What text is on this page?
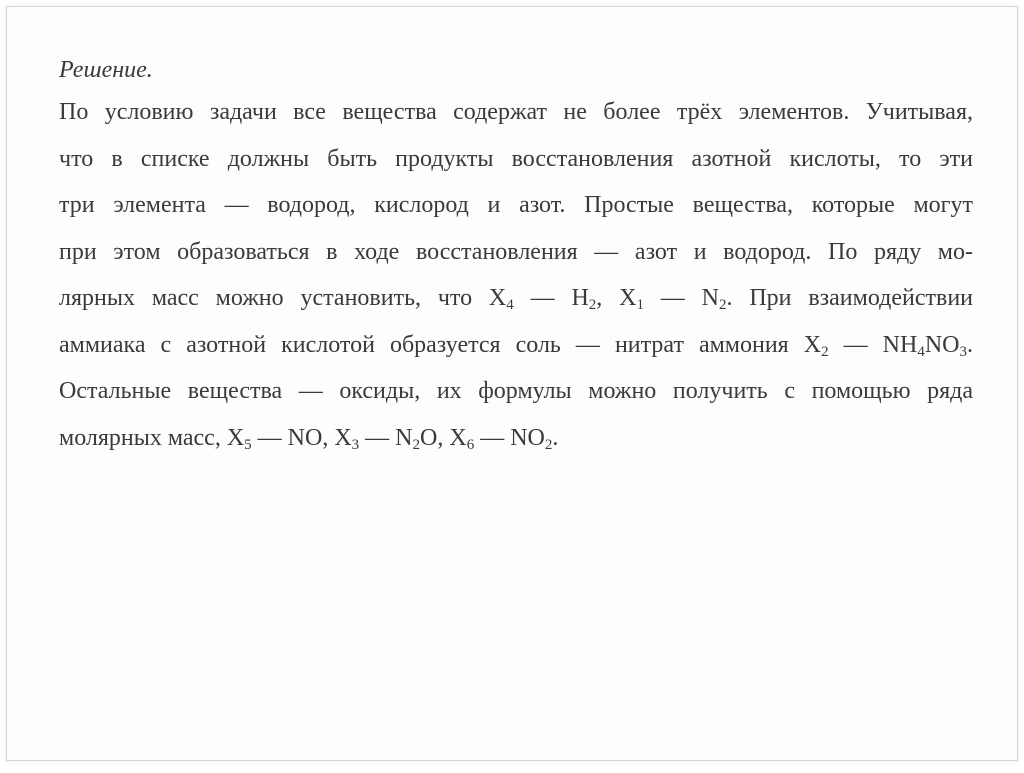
Решение.

По условию задачи все вещества содержат не более трёх элементов. Учитывая,
что в списке должны быть продукты восстановления азотной кислоты, то эти
три элемента — водород, кислород и азот. Простые вещества, которые могут
при этом образоваться в ходе восстановления — азот и водород. По ряду мо-
лярных масс можно установить, что $X_4$ — $H_2$, $X_1$ — $N_2$. При взаимодействии
аммиака с азотной кислотой образуется соль — нитрат аммония $X_2$ — $NH_4NO_3$.
Остальные вещества — оксиды, их формулы можно получить с помощью ряда
молярных масс, $X_5$ — NO, $X_3$ — $N_2O$, $X_6$ — $NO_2$.
